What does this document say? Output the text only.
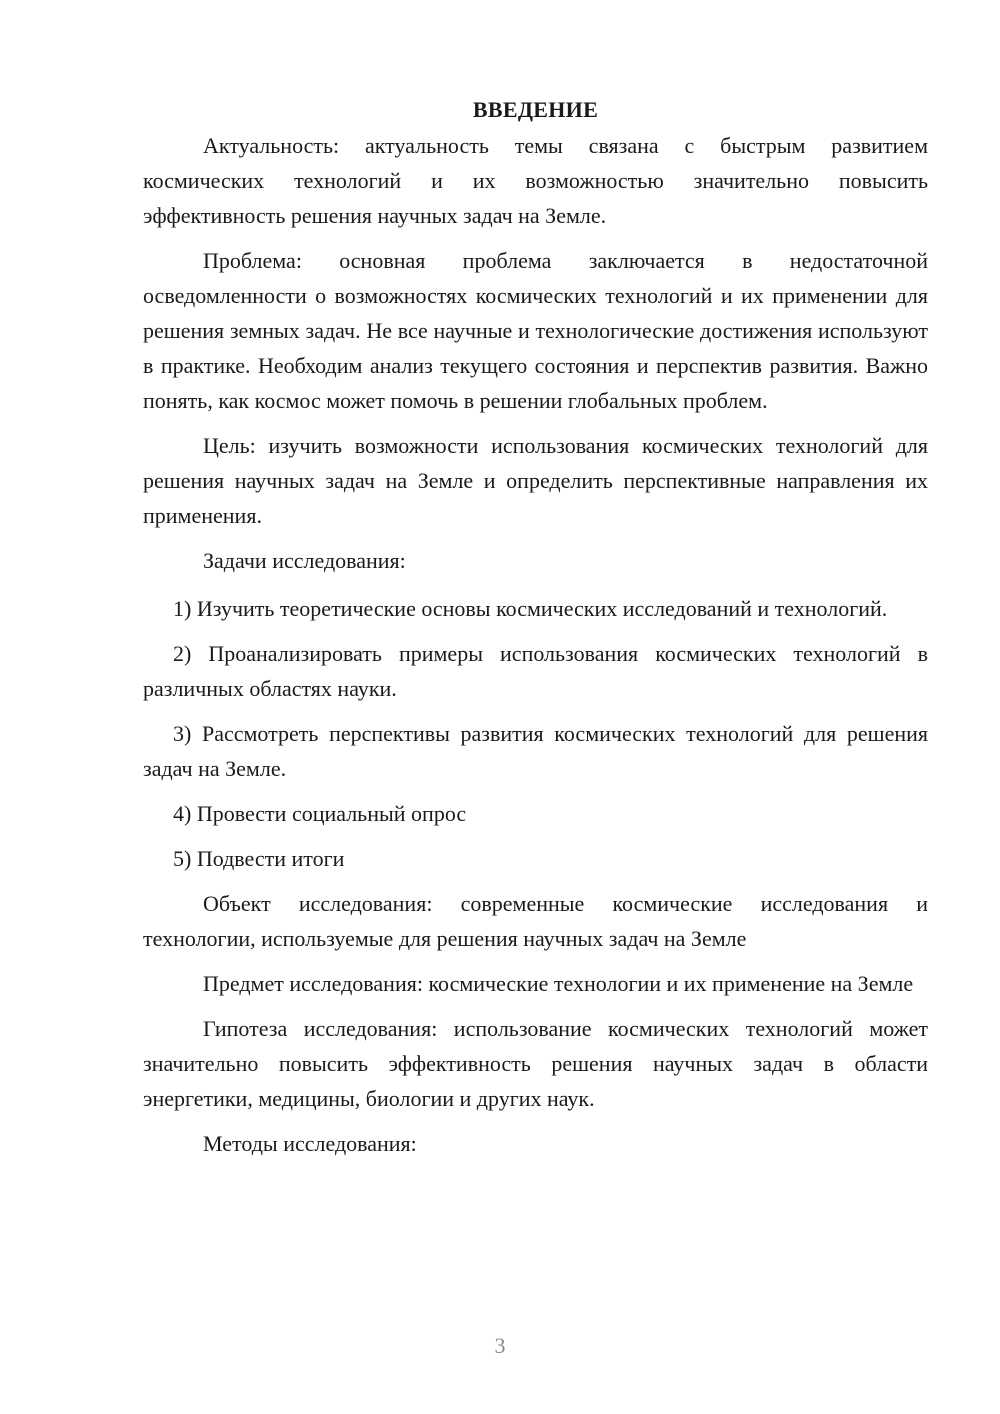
ВВЕДЕНИЕ

Актуальность: актуальность темы связана с быстрым развитием космических технологий и их возможностью значительно повысить эффективность решения научных задач на Земле.

Проблема: основная проблема заключается в недостаточной осведомленности о возможностях космических технологий и их применении для решения земных задач. Не все научные и технологические достижения используют в практике. Необходим анализ текущего состояния и перспектив развития. Важно понять, как космос может помочь в решении глобальных проблем.

Цель: изучить возможности использования космических технологий для решения научных задач на Земле и определить перспективные направления их применения.

Задачи исследования:

1) Изучить теоретические основы космических исследований и технологий.

2) Проанализировать примеры использования космических технологий в различных областях науки.

3) Рассмотреть перспективы развития космических технологий для решения задач на Земле.

4) Провести социальный опрос

5) Подвести итоги

Объект исследования: современные космические исследования и технологии, используемые для решения научных задач на Земле

Предмет исследования: космические технологии и их применение на Земле

Гипотеза исследования: использование космических технологий может значительно повысить эффективность решения научных задач в области энергетики, медицины, биологии и других наук.

Методы исследования:

3
